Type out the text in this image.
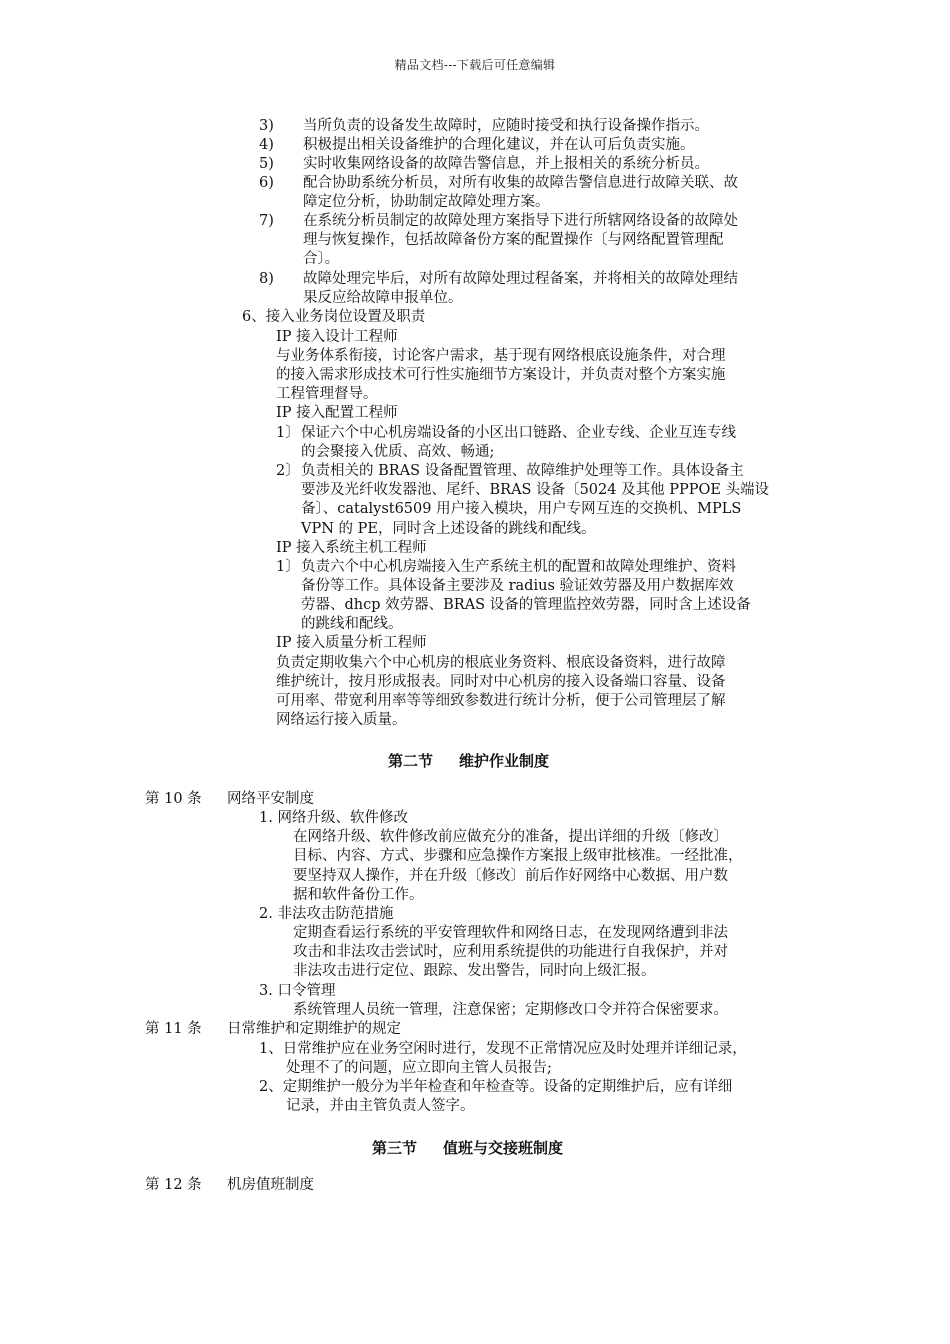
精品文档---下载后可任意编辑
3) 当所负责的设备发生故障时，应随时接受和执行设备操作指示。
4) 积极提出相关设备维护的合理化建议，并在认可后负责实施。
5) 实时收集网络设备的故障告警信息，并上报相关的系统分析员。
6) 配合协助系统分析员，对所有收集的故障告警信息进行故障关联、故
障定位分析，协助制定故障处理方案。
7) 在系统分析员制定的故障处理方案指导下进行所辖网络设备的故障处
理与恢复操作，包括故障备份方案的配置操作〔与网络配置管理配
合〕。
8) 故障处理完毕后，对所有故障处理过程备案，并将相关的故障处理结
果反应给故障申报单位。
6、接入业务岗位设置及职责
IP 接入设计工程师
与业务体系衔接，讨论客户需求，基于现有网络根底设施条件，对合理
的接入需求形成技术可行性实施细节方案设计，并负责对整个方案实施
工程管理督导。
IP 接入配置工程师
1〕 保证六个中心机房端设备的小区出口链路、企业专线、企业互连专线
的会聚接入优质、高效、畅通;
2〕 负责相关的 BRAS 设备配置管理、故障维护处理等工作。具体设备主
要涉及光纤收发器池、尾纤、BRAS 设备〔5024 及其他 PPPOE 头端设
备〕、catalyst6509 用户接入模块，用户专网互连的交换机、MPLS
VPN 的 PE，同时含上述设备的跳线和配线。
IP 接入系统主机工程师
1〕 负责六个中心机房端接入生产系统主机的配置和故障处理维护、资料
备份等工作。具体设备主要涉及 radius 验证效劳器及用户数据库效
劳器、dhcp 效劳器、BRAS 设备的管理监控效劳器，同时含上述设备
的跳线和配线。
IP 接入质量分析工程师
负责定期收集六个中心机房的根底业务资料、根底设备资料，进行故障
维护统计，按月形成报表。同时对中心机房的接入设备端口容量、设备
可用率、带宽利用率等等细致参数进行统计分析，便于公司管理层了解
网络运行接入质量。
第二节 维护作业制度
第 10 条 网络平安制度
1. 网络升级、软件修改
在网络升级、软件修改前应做充分的准备，提出详细的升级〔修改〕
目标、内容、方式、步骤和应急操作方案报上级审批核准。一经批准，
要坚持双人操作，并在升级〔修改〕前后作好网络中心数据、用户数
据和软件备份工作。
2. 非法攻击防范措施
定期查看运行系统的平安管理软件和网络日志，在发现网络遭到非法
攻击和非法攻击尝试时，应利用系统提供的功能进行自我保护，并对
非法攻击进行定位、跟踪、发出警告，同时向上级汇报。
3. 口令管理
系统管理人员统一管理，注意保密；定期修改口令并符合保密要求。
第 11 条 日常维护和定期维护的规定
1、日常维护应在业务空闲时进行，发现不正常情况应及时处理并详细记录，
处理不了的问题，应立即向主管人员报告;
2、定期维护一般分为半年检查和年检查等。设备的定期维护后，应有详细
记录，并由主管负责人签字。
第三节 值班与交接班制度
第 12 条 机房值班制度
